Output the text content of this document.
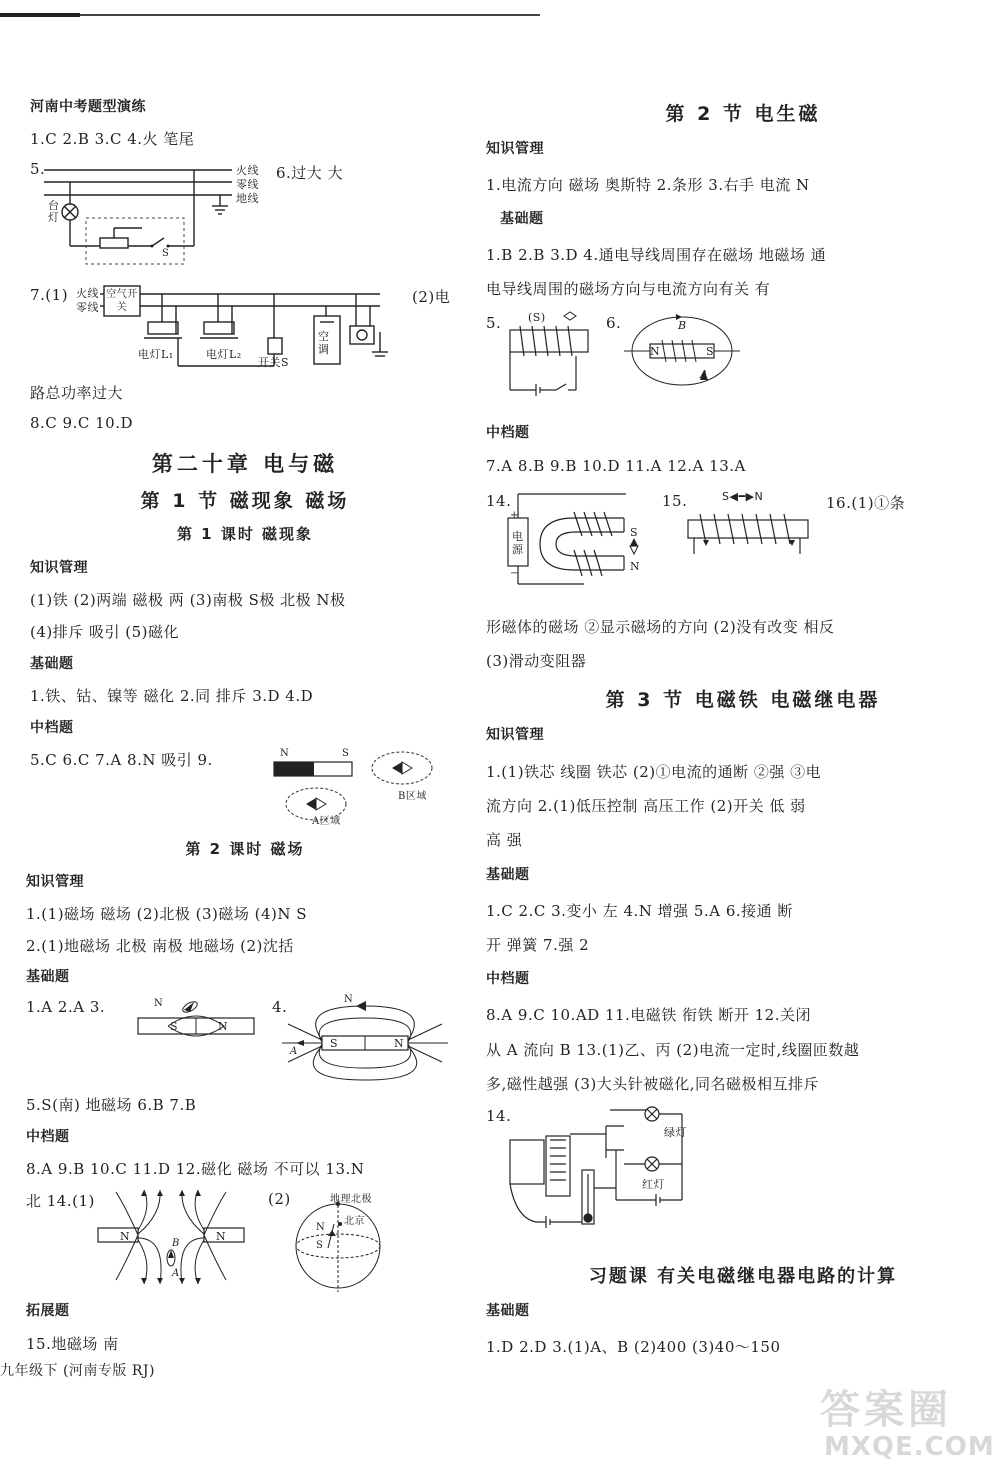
河南中考题型演练
1.C 2.B 3.C 4.火 笔尾
5.	火线
零线
地线
台灯
S
6.过大 大
7.(1) 火线
零线
空气开关
电灯L₁	电灯L₂
开关S
空调
(2)电
路总功率过大
8.C 9.C 10.D
第二十章 电与磁
第 1 节 磁现象 磁场
第 1 课时 磁现象
知识管理
(1)铁 (2)两端 磁极 两 (3)南极 S极 北极 N极
(4)排斥 吸引 (5)磁化
基础题
1.铁、钴、镍等 磁化 2.同 排斥 3.D 4.D
中档题
5.C 6.C 7.A 8.N 吸引 9.	N	S
B区域
A区域
第 2 课时 磁场
知识管理
1.(1)磁场 磁场 (2)北极 (3)磁场 (4)N S
2.(1)地磁场 北极 南极 地磁场 (2)沈括
基础题
1.A 2.A 3.	N
S	N
4.	N
S	N
A
5.S(南) 地磁场 6.B 7.B
中档题
8.A 9.B 10.C 11.D 12.磁化 磁场 不可以 13.N
北 14.(1)
N	N
B
A
(2)	地理北极
北京
N
S
拓展题
15.地磁场 南
九年级下 (河南专版 RJ)
第 2 节 电生磁
知识管理
1.电流方向 磁场 奥斯特 2.条形 3.右手 电流 N
基础题
1.B 2.B 3.D 4.通电导线周围存在磁场 地磁场 通
电导线周围的磁场方向与电流方向有关 有
5. (S)	6.	B
N	S
A
中档题
7.A 8.B 9.B 10.D 11.A 12.A 13.A
14.
+
电源
−
S
N
15.	S◀━▶N	16.(1)①条
形磁体的磁场 ②显示磁场的方向 (2)没有改变 相反
(3)滑动变阻器
第 3 节 电磁铁 电磁继电器
知识管理
1.(1)铁芯 线圈 铁芯 (2)①电流的通断 ②强 ③电
流方向 2.(1)低压控制 高压工作 (2)开关 低 弱
高 强
基础题
1.C 2.C 3.变小 左 4.N 增强 5.A 6.接通 断
开 弹簧 7.强 2
中档题
8.A 9.C 10.AD 11.电磁铁 衔铁 断开 12.关闭
从 A 流向 B 13.(1)乙、丙 (2)电流一定时,线圈匝数越
多,磁性越强 (3)大头针被磁化,同名磁极相互排斥
14.
绿灯
红灯
习题课 有关电磁继电器电路的计算
基础题
1.D 2.D 3.(1)A、B (2)400 (3)40～150
答案圈
MXQE.COM
